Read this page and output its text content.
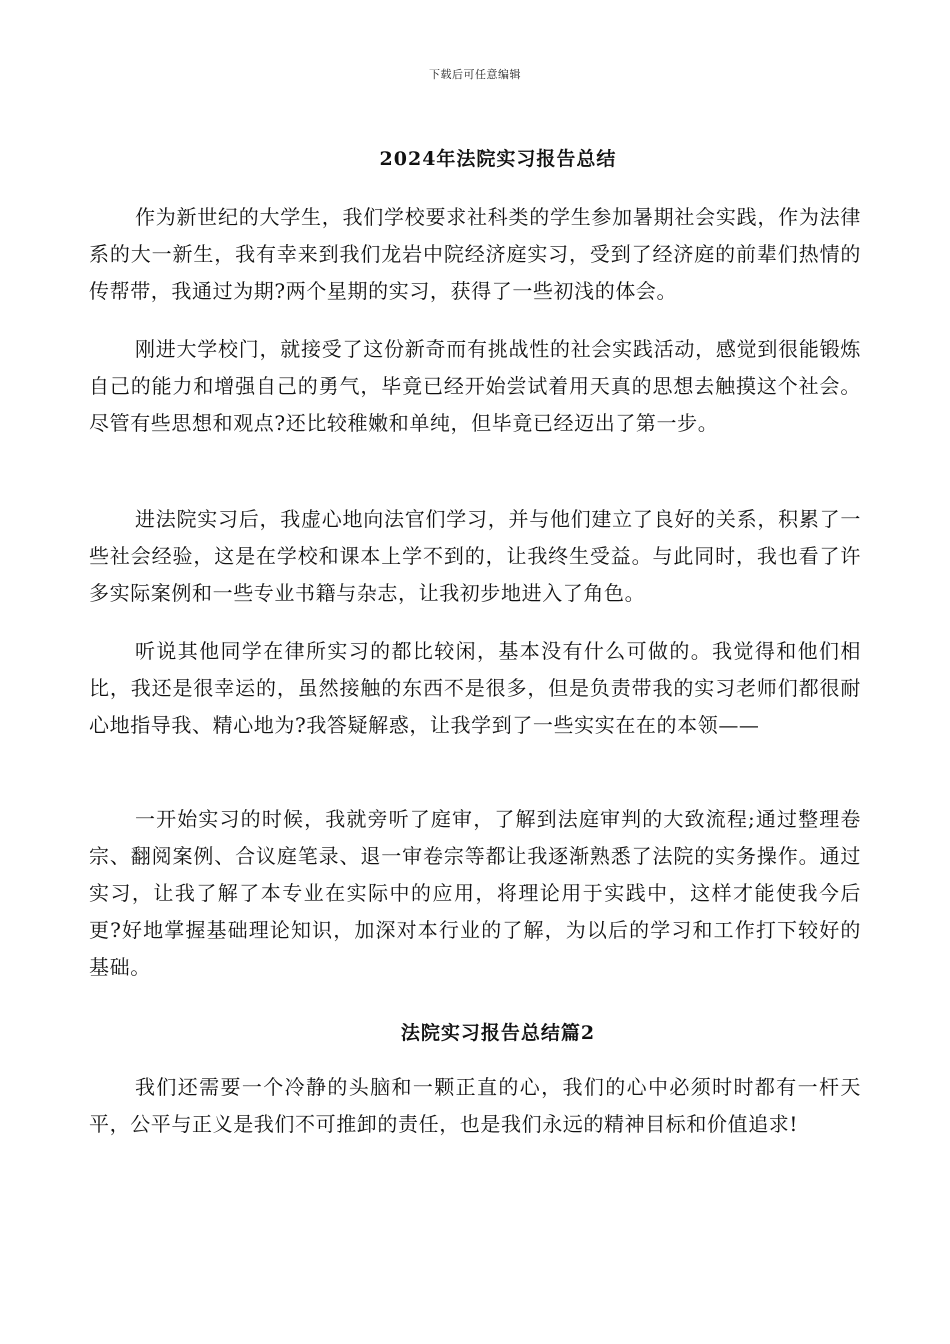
下载后可任意编辑
2024年法院实习报告总结

作为新世纪的大学生，我们学校要求社科类的学生参加暑期社会实践，作为法律系的大一新生，我有幸来到我们龙岩中院经济庭实习，受到了经济庭的前辈们热情的传帮带，我通过为期?两个星期的实习，获得了一些初浅的体会。

刚进大学校门，就接受了这份新奇而有挑战性的社会实践活动，感觉到很能锻炼自己的能力和增强自己的勇气，毕竟已经开始尝试着用天真的思想去触摸这个社会。尽管有些思想和观点?还比较稚嫩和单纯，但毕竟已经迈出了第一步。

进法院实习后，我虚心地向法官们学习，并与他们建立了良好的关系，积累了一些社会经验，这是在学校和课本上学不到的，让我终生受益。与此同时，我也看了许多实际案例和一些专业书籍与杂志，让我初步地进入了角色。

听说其他同学在律所实习的都比较闲，基本没有什么可做的。我觉得和他们相比，我还是很幸运的，虽然接触的东西不是很多，但是负责带我的实习老师们都很耐心地指导我、精心地为?我答疑解惑，让我学到了一些实实在在的本领——

一开始实习的时候，我就旁听了庭审，了解到法庭审判的大致流程;通过整理卷宗、翻阅案例、合议庭笔录、退一审卷宗等都让我逐渐熟悉了法院的实务操作。通过实习，让我了解了本专业在实际中的应用，将理论用于实践中，这样才能使我今后更?好地掌握基础理论知识，加深对本行业的了解，为以后的学习和工作打下较好的基础。

法院实习报告总结篇2

我们还需要一个冷静的头脑和一颗正直的心，我们的心中必须时时都有一杆天平，公平与正义是我们不可推卸的责任，也是我们永远的精神目标和价值追求!
